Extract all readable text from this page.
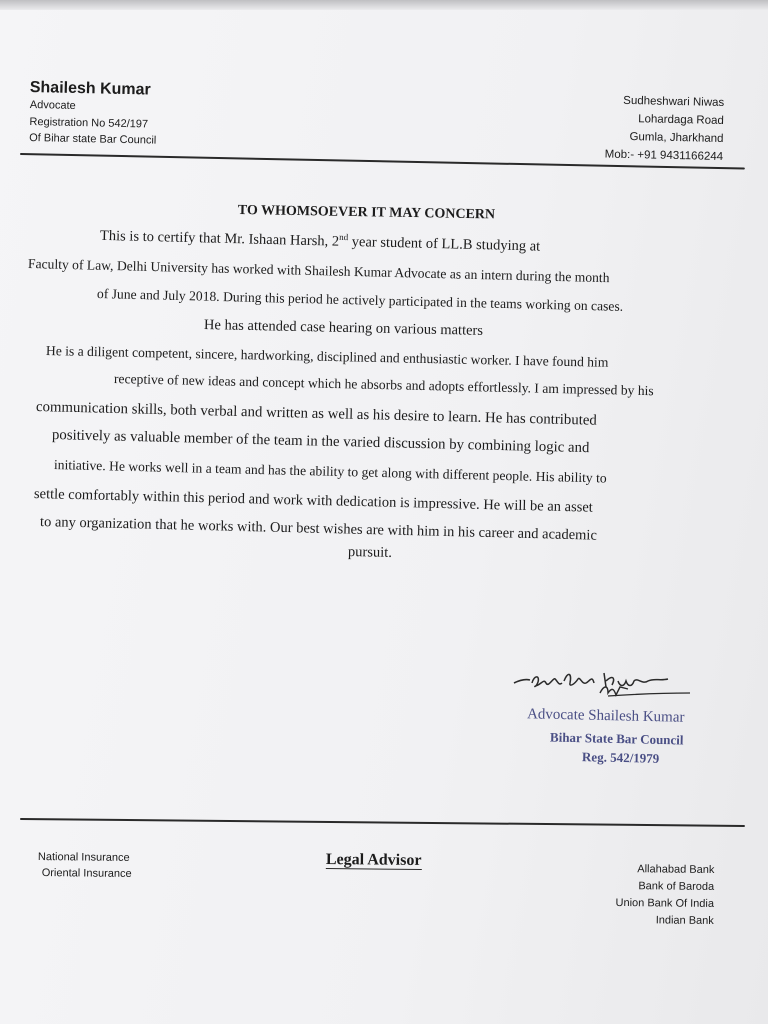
Shailesh Kumar
Advocate
Registration No 542/197
Of Bihar state Bar Council
Sudheshwari Niwas
Lohardaga Road
Gumla, Jharkhand
Mob:- +91 9431166244
TO WHOMSOEVER IT MAY CONCERN
This is to certify that Mr. Ishaan Harsh, 2nd year student of LL.B studying at
Faculty of Law, Delhi University has worked with Shailesh Kumar Advocate as an intern during the month
of June and July 2018. During this period he actively participated in the teams working on cases.
He has attended case hearing on various matters
He is a diligent competent, sincere, hardworking, disciplined and enthusiastic worker. I have found him
receptive of new ideas and concept which he absorbs and adopts effortlessly. I am impressed by his
communication skills, both verbal and written as well as his desire to learn. He has contributed
positively as valuable member of the team in the varied discussion by combining logic and
initiative. He works well in a team and has the ability to get along with different people. His ability to
settle comfortably within this period and work with dedication is impressive. He will be an asset
to any organization that he works with. Our best wishes are with him in his career and academic
pursuit.
Advocate Shailesh Kumar
Bihar State Bar Council
Reg. 542/1979
National Insurance
Oriental Insurance
Legal Advisor
Allahabad Bank
Bank of Baroda
Union Bank Of India
Indian Bank
